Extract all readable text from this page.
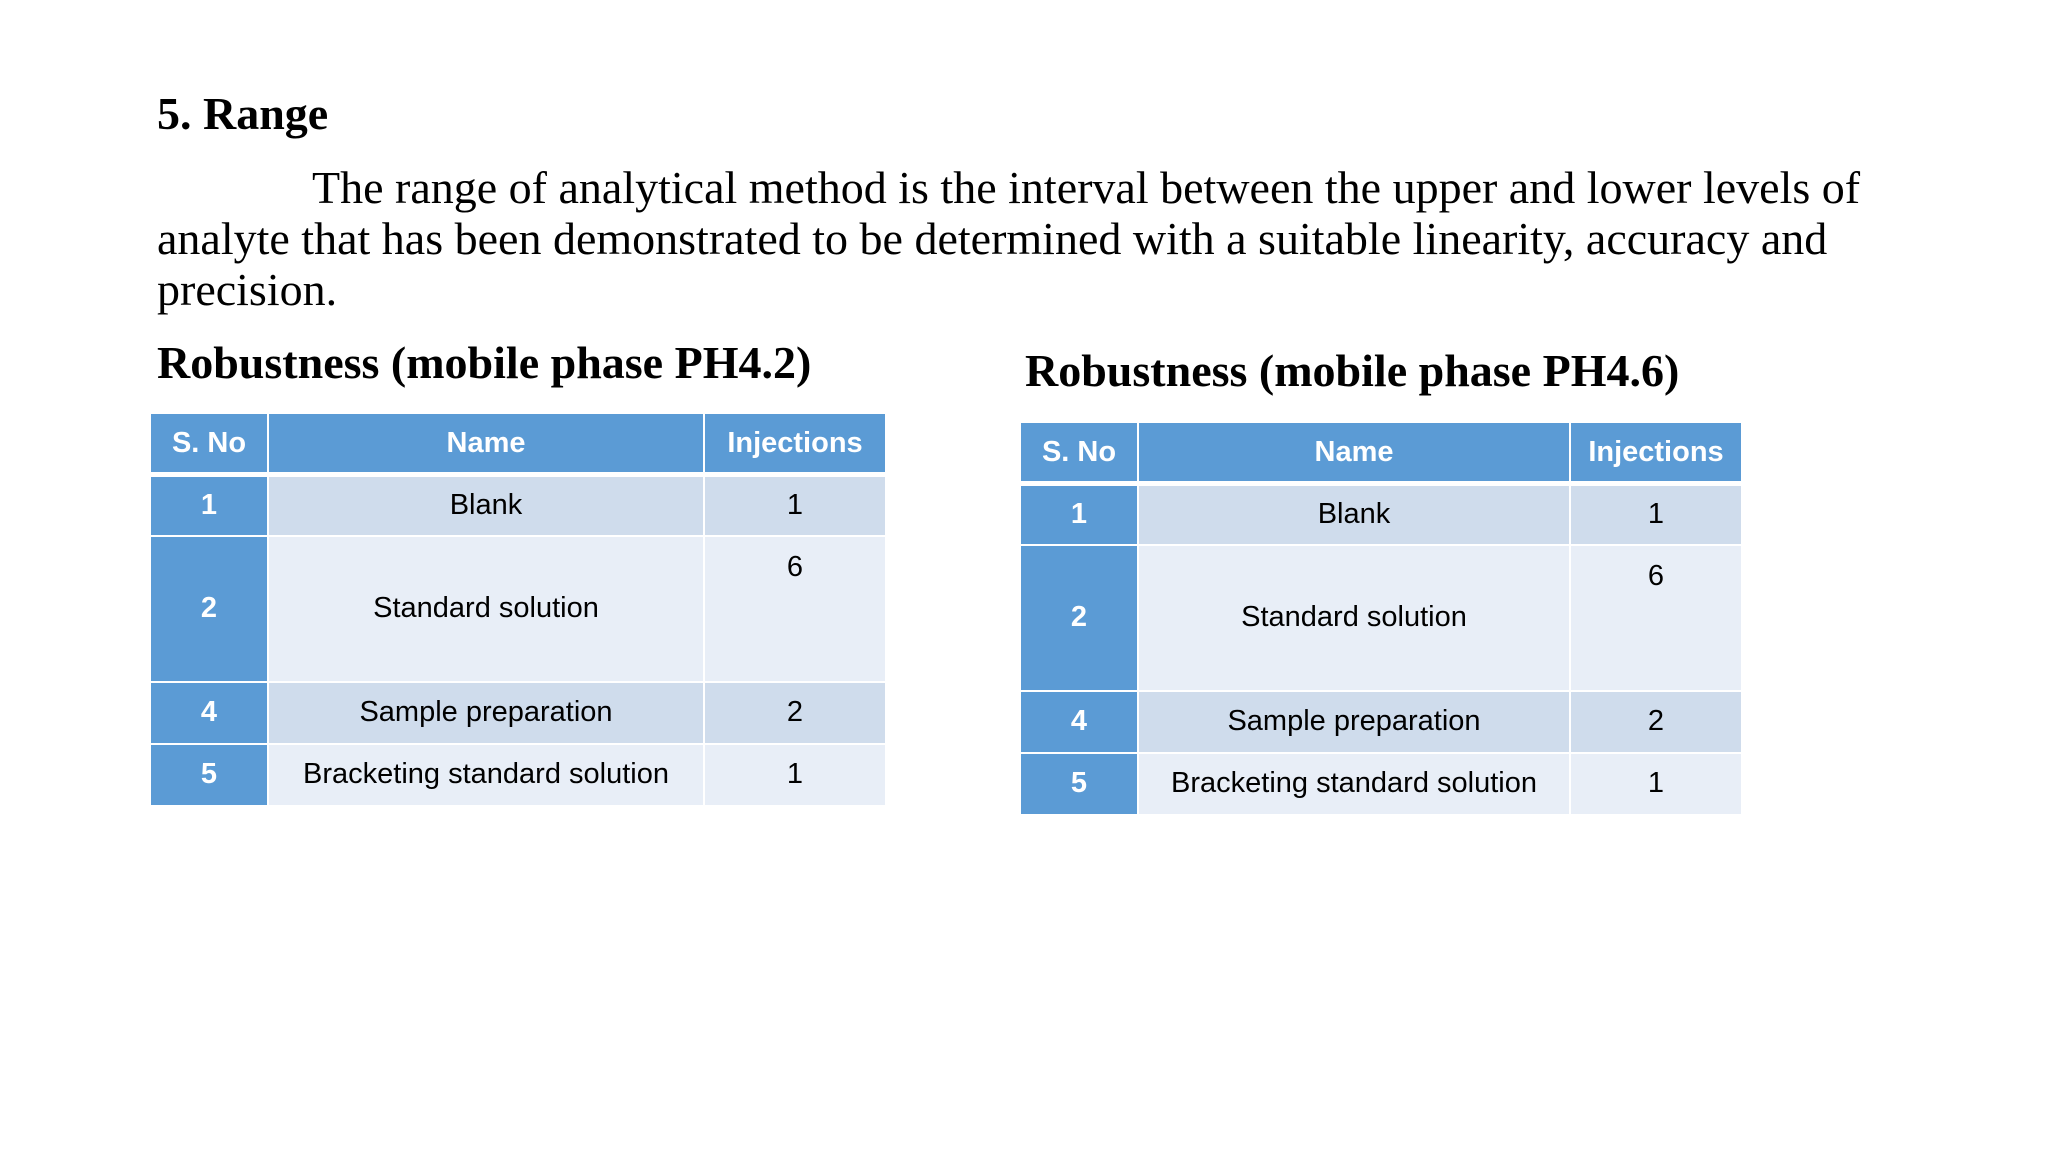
5. Range

The range of analytical method is the interval between the upper and lower levels of analyte that has been demonstrated to be determined with a suitable linearity, accuracy and precision.

Robustness (mobile phase PH4.2)
S. No	Name	Injections
1	Blank	1
2	Standard solution	6
4	Sample preparation	2
5	Bracketing standard solution	1
Robustness (mobile phase PH4.6)
S. No	Name	Injections
1	Blank	1
2	Standard solution	6
4	Sample preparation	2
5	Bracketing standard solution	1
